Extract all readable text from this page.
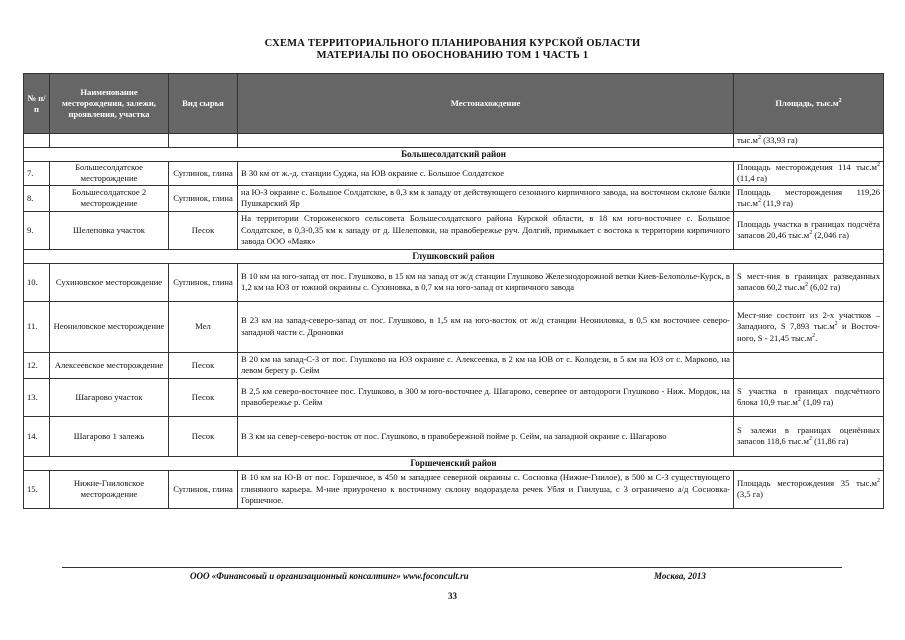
СХЕМА ТЕРРИТОРИАЛЬНОГО ПЛАНИРОВАНИЯ КУРСКОЙ ОБЛАСТИ
МАТЕРИАЛЫ ПО ОБОСНОВАНИЮ ТОМ 1 ЧАСТЬ 1
№ п/п	Наименование месторождения, залежи, проявления, участка	Вид сырья	Местонахождение	Площадь, $тыс.м^2$
				$тыс.м^2$ (33,93 га)
Большесолдатский район				
7.	Большесолдатское месторождение	Суглинок, глина	В 30 км от ж.-д. станции Суджа, на ЮВ окраине с. Большое Солдатское	Площадь месторождения 114 $тыс.м^2$ (11,4 га)
8.	Большесолдатское 2 месторождение	Суглинок, глина	на Ю-З окраине с. Большое Солдатское, в 0,3 км к западу от действующего сезонного кирпичного завода, на восточном склоне балки Пушкарский Яр	Площадь месторождения 119,26 $тыс.м^2$ (11,9 га)
9.	Шелеповка участок	Песок	На территории Стороженского сельсовета Большесолдатского района Курской области, в 18 км юго-восточнее с. Большое Солдатское, в 0,3-0,35 км к западу от д. Шелеповки, на правобережье руч. Долгий, примыкает с востока к территории кирпичного завода ООО «Маяк»	Площадь участка в границах подсчёта запасов 20,46 $тыс.м^2$ (2,046 га)
Глушковский район				
10.	Сухиновское месторождение	Суглинок, глина	В 10 км на юго-запад от пос. Глушково, в 15 км на запад от ж/д станции Глушково Железнодорожной ветки Киев-Белополье-Курск, в 1,2 км на ЮЗ от южной окраины с. Сухиновка, в 0,7 км на юго-запад от кирпичного завода	S мест-ния в границах разведанных запасов 60,2 $тыс.м^2$ (6,02 га)
11.	Неониловское месторождение	Мел	В 23 км на запад-северо-запад от пос. Глушково, в 1,5 км на юго-восток от ж/д станции Неониловка, в 0,5 км восточнее северо-западной части с. Дроновки	Мест-ние состоит из 2-х участков – Западного, S 7,893 $тыс.м^2$ и Восточ-ного, S - 21,45 $тыс.м^2$.
12.	Алексеевское месторождение	Песок	В 20 км на запад-С-З от пос. Глушково на ЮЗ окраине с. Алексеевка, в 2 км на ЮВ от с. Колодези, в 5 км на ЮЗ от с. Марково, на левом берегу р. Сейм	
13.	Шагарово участок	Песок	В 2,5 км северо-восточнее пос. Глушково, в 300 м юго-восточнее д. Шагарово, северпее от автодороги Глушково - Ниж. Мордок, на правобережье р. Сейм	S участка в границах подсчётного блока 10,9 $тыс.м^2$ (1,09 га)
14.	Шагарово 1 залежь	Песок	В 3 км на север-северо-восток от пос. Глушково, в правобережной пойме р. Сейм, на западной окраине с. Шагарово	S залежи в границах оценённых запасов 118,6 $тыс.м^2$ (11,86 га)
Горшеченский район				
15.	Нижне-Гниловское месторождение	Суглинок, глина	В 10 км на Ю-В от пос. Горшечное, в 450 м западнее северной окраины с. Сосновка (Нижне-Гнилое), в 500 м С-З существующего глиняного карьера. М-ние приурочено к восточному склону водораздела речек Убля и Гнилуша, с 3 ограничено а/д Сосновка-Горшечное.	Площадь месторождения 35 $тыс.м^2$ (3,5 га)
ООО «Финансовый и организационный консалтинг» www.foconcult.ru	Москва, 2013
33
